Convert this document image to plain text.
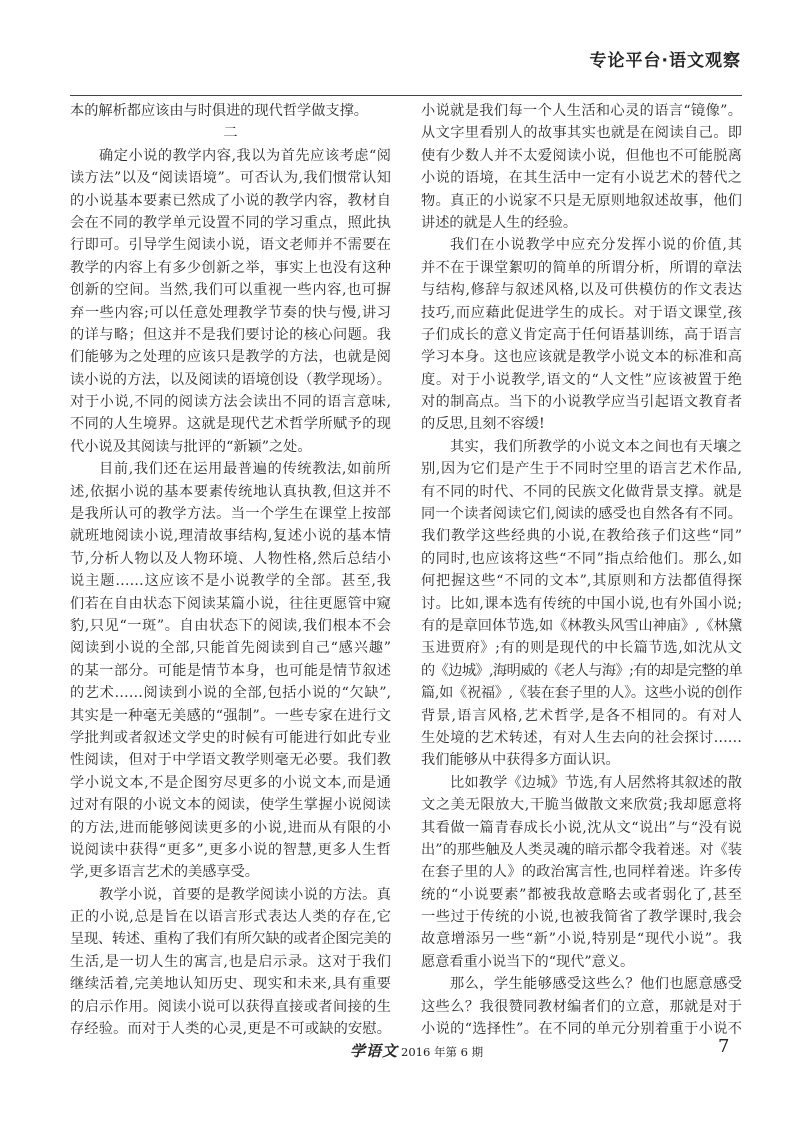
专论平台·语文观察
本的解析都应该由与时俱进的现代哲学做支撑。
二
确定小说的教学内容,我以为首先应该考虑“阅
读方法”以及“阅读语境”。可否认为,我们惯常认知
的小说基本要素已然成了小说的教学内容，教材自
会在不同的教学单元设置不同的学习重点，照此执
行即可。引导学生阅读小说，语文老师并不需要在
教学的内容上有多少创新之举，事实上也没有这种
创新的空间。当然,我们可以重视一些内容,也可摒
弃一些内容;可以任意处理教学节奏的快与慢,讲习
的详与略；但这并不是我们要讨论的核心问题。我
们能够为之处理的应该只是教学的方法，也就是阅
读小说的方法，以及阅读的语境创设（教学现场）。
对于小说,不同的阅读方法会读出不同的语言意味,
不同的人生境界。这就是现代艺术哲学所赋予的现
代小说及其阅读与批评的“新颖”之处。
目前,我们还在运用最普遍的传统教法,如前所
述,依据小说的基本要素传统地认真执教,但这并不
是我所认可的教学方法。当一个学生在课堂上按部
就班地阅读小说,理清故事结构,复述小说的基本情
节,分析人物以及人物环境、人物性格,然后总结小
说主题……这应该不是小说教学的全部。甚至,我
们若在自由状态下阅读某篇小说，往往更愿管中窥
豹,只见“一斑”。自由状态下的阅读,我们根本不会
阅读到小说的全部,只能首先阅读到自己“感兴趣”
的某一部分。可能是情节本身，也可能是情节叙述
的艺术……阅读到小说的全部,包括小说的“欠缺”,
其实是一种毫无美感的“强制”。一些专家在进行文
学批判或者叙述文学史的时候有可能进行如此专业
性阅读，但对于中学语文教学则毫无必要。我们教
学小说文本,不是企图穷尽更多的小说文本,而是通
过对有限的小说文本的阅读，使学生掌握小说阅读
的方法,进而能够阅读更多的小说,进而从有限的小
说阅读中获得“更多”,更多小说的智慧,更多人生哲
学,更多语言艺术的美感享受。
教学小说，首要的是教学阅读小说的方法。真
正的小说,总是旨在以语言形式表达人类的存在,它
呈现、转述、重构了我们有所欠缺的或者企图完美的
生活,是一切人生的寓言,也是启示录。这对于我们
继续活着,完美地认知历史、现实和未来,具有重要
的启示作用。阅读小说可以获得直接或者间接的生
存经验。而对于人类的心灵,更是不可或缺的安慰。
小说就是我们每一个人生活和心灵的语言“镜像”。
从文字里看别人的故事其实也就是在阅读自己。即
使有少数人并不太爱阅读小说，但他也不可能脱离
小说的语境，在其生活中一定有小说艺术的替代之
物。真正的小说家不只是无原则地叙述故事，他们
讲述的就是人生的经验。
我们在小说教学中应充分发挥小说的价值,其
并不在于课堂絮叨的简单的所谓分析，所谓的章法
与结构,修辞与叙述风格,以及可供模仿的作文表达
技巧,而应藉此促进学生的成长。对于语文课堂,孩
子们成长的意义肯定高于任何语基训练，高于语言
学习本身。这也应该就是教学小说文本的标准和高
度。对于小说教学,语文的“人文性”应该被置于绝
对的制高点。当下的小说教学应当引起语文教育者
的反思,且刻不容缓!
其实，我们所教学的小说文本之间也有天壤之
别,因为它们是产生于不同时空里的语言艺术作品,
有不同的时代、不同的民族文化做背景支撑。就是
同一个读者阅读它们,阅读的感受也自然各有不同。
我们教学这些经典的小说,在教给孩子们这些“同”
的同时,也应该将这些“不同”指点给他们。那么,如
何把握这些“不同的文本”,其原则和方法都值得探
讨。比如,课本选有传统的中国小说,也有外国小说;
有的是章回体节选,如《林教头风雪山神庙》,《林黛
玉进贾府》;有的则是现代的中长篇节选,如沈从文
的《边城》,海明威的《老人与海》;有的却是完整的单
篇,如《祝福》,《装在套子里的人》。这些小说的创作
背景,语言风格,艺术哲学,是各不相同的。有对人
生处境的艺术转述，有对人生去向的社会探讨……
我们能够从中获得多方面认识。
比如教学《边城》节选,有人居然将其叙述的散
文之美无限放大,干脆当做散文来欣赏;我却愿意将
其看做一篇青春成长小说,沈从文“说出”与“没有说
出”的那些触及人类灵魂的暗示都令我着迷。对《装
在套子里的人》的政治寓言性,也同样着迷。许多传
统的“小说要素”都被我故意略去或者弱化了,甚至
一些过于传统的小说,也被我简省了教学课时,我会
故意增添另一些“新”小说,特别是“现代小说”。我
愿意看重小说当下的“现代”意义。
那么，学生能够感受这些么？他们也愿意感受
这些么？我很赞同教材编者们的立意，那就是对于
小说的“选择性”。在不同的单元分别着重于小说不
学语文 2016 年第 6 期	7
